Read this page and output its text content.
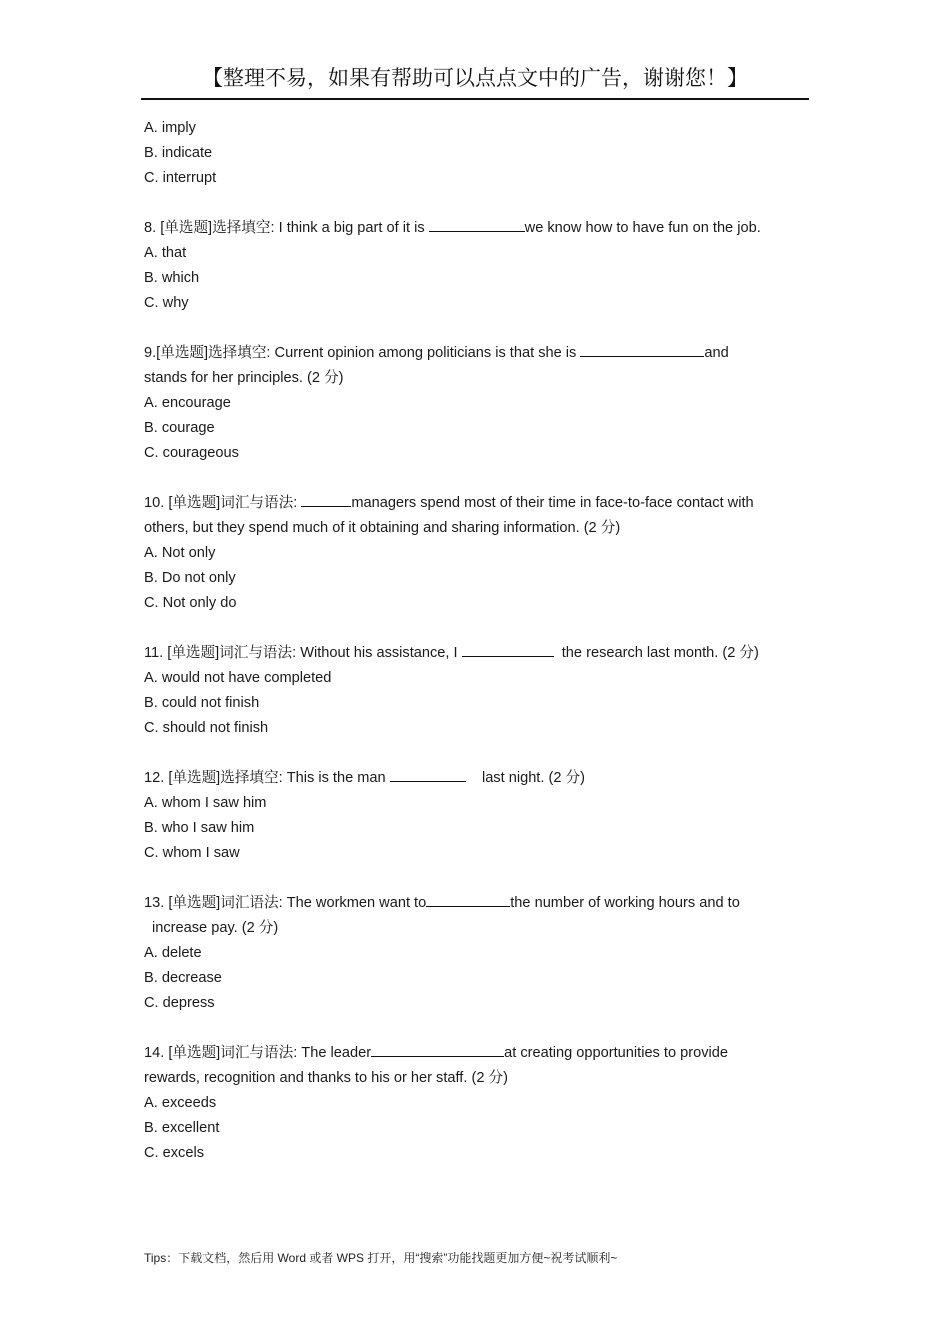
【整理不易，如果有帮助可以点点文中的广告，谢谢您！】
A. imply
B. indicate
C. interrupt
8. [单选题]选择填空: I think a big part of it is	we know how to have fun on the job.
A. that
B. which
C. why
9.[单选题]选择填空: Current opinion among politicians is that she is	and
stands for her principles. (2 分)
A. encourage
B. courage
C. courageous
10. [单选题]词汇与语法:	managers spend most of their time in face-to-face contact with
others, but they spend much of it obtaining and sharing information. (2 分)
A. Not only
B. Do not only
C. Not only do
11. [单选题]词汇与语法: Without his assistance, I	the research last month. (2 分)
A. would not have completed
B. could not finish
C. should not finish
12. [单选题]选择填空: This is the man	last night. (2 分)
A. whom I saw him
B. who I saw him
C. whom I saw
13. [单选题]词汇语法: The workmen want to	the number of working hours and to
increase pay. (2 分)
A. delete
B. decrease
C. depress
14. [单选题]词汇与语法: The leader	at creating opportunities to provide
rewards, recognition and thanks to his or her staff. (2 分)
A. exceeds
B. excellent
C. excels
Tips：下载文档，然后用 Word 或者 WPS 打开，用“搜索”功能找题更加方便~祝考试顺利~
